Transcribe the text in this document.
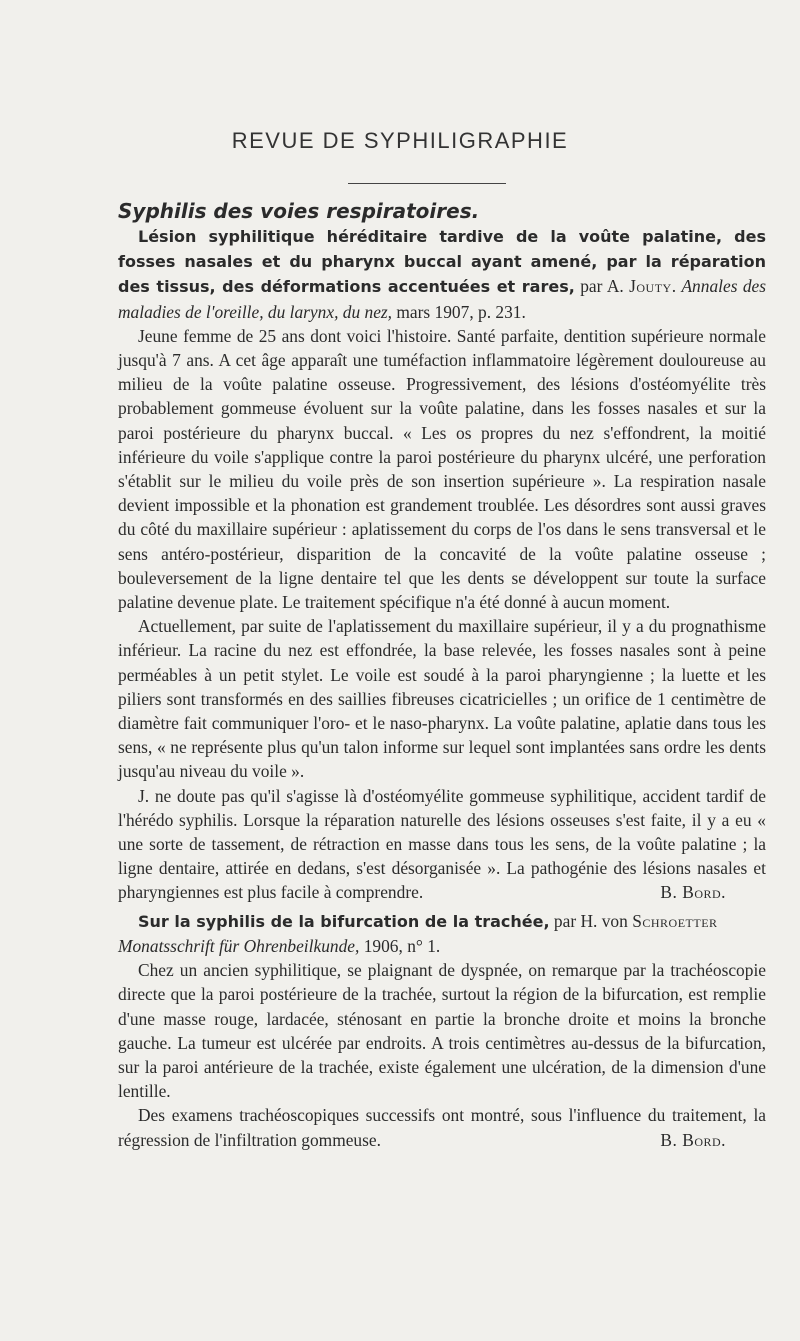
REVUE DE SYPHILIGRAPHIE

Syphilis des voies respiratoires.

Lésion syphilitique héréditaire tardive de la voûte palatine, des fosses nasales et du pharynx buccal ayant amené, par la réparation des tissus, des déformations accentuées et rares, par A. Jouty. Annales des maladies de l'oreille, du larynx, du nez, mars 1907, p. 231.

Jeune femme de 25 ans dont voici l'histoire. Santé parfaite, dentition supérieure normale jusqu'à 7 ans. A cet âge apparaît une tuméfaction inflammatoire légèrement douloureuse au milieu de la voûte palatine osseuse. Progressivement, des lésions d'ostéomyélite très probablement gommeuse évoluent sur la voûte palatine, dans les fosses nasales et sur la paroi postérieure du pharynx buccal. « Les os propres du nez s'effondrent, la moitié inférieure du voile s'applique contre la paroi postérieure du pharynx ulcéré, une perforation s'établit sur le milieu du voile près de son insertion supérieure ». La respiration nasale devient impossible et la phonation est grandement troublée. Les désordres sont aussi graves du côté du maxillaire supérieur : aplatissement du corps de l'os dans le sens transversal et le sens antéro-postérieur, disparition de la concavité de la voûte palatine osseuse ; bouleversement de la ligne dentaire tel que les dents se développent sur toute la surface palatine devenue plate. Le traitement spécifique n'a été donné à aucun moment.

Actuellement, par suite de l'aplatissement du maxillaire supérieur, il y a du prognathisme inférieur. La racine du nez est effondrée, la base relevée, les fosses nasales sont à peine perméables à un petit stylet. Le voile est soudé à la paroi pharyngienne ; la luette et les piliers sont transformés en des saillies fibreuses cicatricielles ; un orifice de 1 centimètre de diamètre fait communiquer l'oro- et le naso-pharynx. La voûte palatine, aplatie dans tous les sens, « ne représente plus qu'un talon informe sur lequel sont implantées sans ordre les dents jusqu'au niveau du voile ».

J. ne doute pas qu'il s'agisse là d'ostéomyélite gommeuse syphilitique, accident tardif de l'hérédo syphilis. Lorsque la réparation naturelle des lésions osseuses s'est faite, il y a eu « une sorte de tassement, de rétraction en masse dans tous les sens, de la voûte palatine ; la ligne dentaire, attirée en dedans, s'est désorganisée ». La pathogénie des lésions nasales et pharyngiennes est plus facile à comprendre.	B. Bord.

Sur la syphilis de la bifurcation de la trachée, par H. von Schroetter
Monatsschrift für Ohrenbeilkunde, 1906, n° 1.

Chez un ancien syphilitique, se plaignant de dyspnée, on remarque par la trachéoscopie directe que la paroi postérieure de la trachée, surtout la région de la bifurcation, est remplie d'une masse rouge, lardacée, sténosant en partie la bronche droite et moins la bronche gauche. La tumeur est ulcérée par endroits. A trois centimètres au-dessus de la bifurcation, sur la paroi antérieure de la trachée, existe également une ulcération, de la dimension d'une lentille.

Des examens trachéoscopiques successifs ont montré, sous l'influence du traitement, la régression de l'infiltration gommeuse.	B. Bord.
